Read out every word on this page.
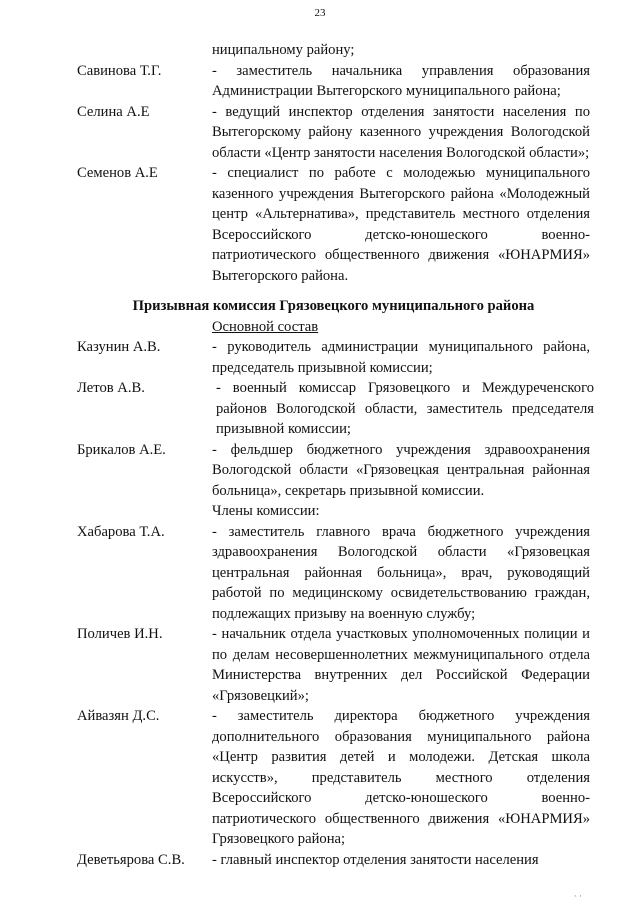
23
ниципальному району;
Савинова Т.Г.	- заместитель начальника управления образования Администрации Вытегорского муниципального района;
Селина А.Е	- ведущий инспектор отделения занятости населения по Вытегорскому району казенного учреждения Вологодской области «Центр занятости населения Вологодской области»;
Семенов А.Е	- специалист по работе с молодежью муниципального казенного учреждения Вытегорского района «Молодежный центр «Альтернатива», представитель местного отделения Всероссийского детско-юношеского военно-патриотического общественного движения «ЮНАРМИЯ» Вытегорского района.
Призывная комиссия Грязовецкого муниципального района
Основной состав
Казунин А.В.	- руководитель администрации муниципального района, председатель призывной комиссии;
Летов А.В.	- военный комиссар Грязовецкого и Междуреченского районов Вологодской области, заместитель председателя призывной комиссии;
Брикалов А.Е.	- фельдшер бюджетного учреждения здравоохранения Вологодской области «Грязовецкая центральная районная больница», секретарь призывной комиссии.
Члены комиссии:
Хабарова Т.А.	- заместитель главного врача бюджетного учреждения здравоохранения Вологодской области «Грязовецкая центральная районная больница», врач, руководящий работой по медицинскому освидетельствованию граждан, подлежащих призыву на военную службу;
Поличев И.Н.	- начальник отдела участковых уполномоченных полиции и по делам несовершеннолетних межмуниципального отдела Министерства внутренних дел Российской Федерации «Грязовецкий»;
Айвазян Д.С.	- заместитель директора бюджетного учреждения дополнительного образования муниципального района «Центр развития детей и молодежи. Детская школа искусств», представитель местного отделения Всероссийского детско-юношеского военно-патриотического общественного движения «ЮНАРМИЯ» Грязовецкого района;
Деветьярова С.В.	- главный инспектор отделения занятости населения
· ·
